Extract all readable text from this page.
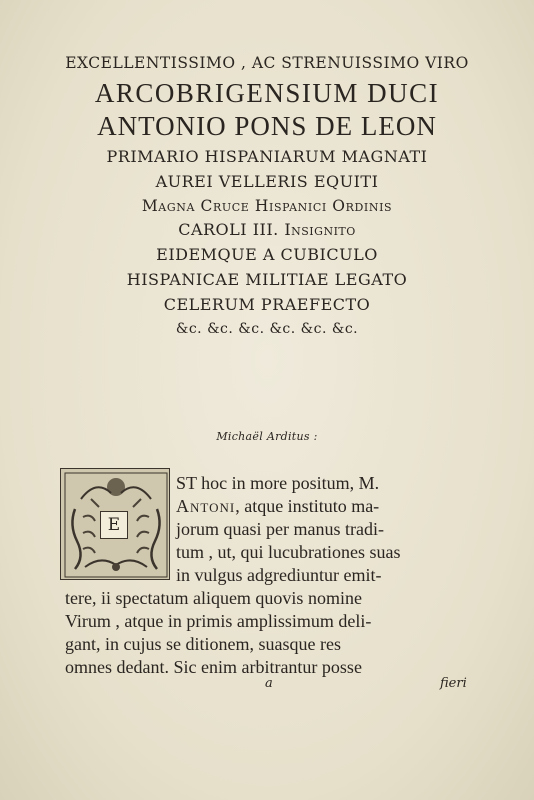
EXCELLENTISSIMO , AC STRENUISSIMO VIRO
ARCOBRIGENSIUM DUCI
ANTONIO PONS DE LEON
PRIMARIO HISPANIARUM MAGNATI
AUREI VELLERIS EQUITI
Magna Cruce Hispanici Ordinis
CAROLI III. Insignito
EIDEMQUE A CUBICULO
HISPANICAE MILITIAE LEGATO
CELERUM PRAEFECTO
&c. &c. &c. &c. &c. &c.
Michaël Arditus :
E
ST hoc in more positum, M.
Antoni, atque instituto ma-
jorum quasi per manus tradi-
tum , ut, qui lucubrationes suas
in vulgus adgrediuntur emit-
tere, ii spectatum aliquem quovis nomine
Virum , atque in primis amplissimum deli-
gant, in cujus se ditionem, suasque res
omnes dedant. Sic enim arbitrantur posse
a	fieri
